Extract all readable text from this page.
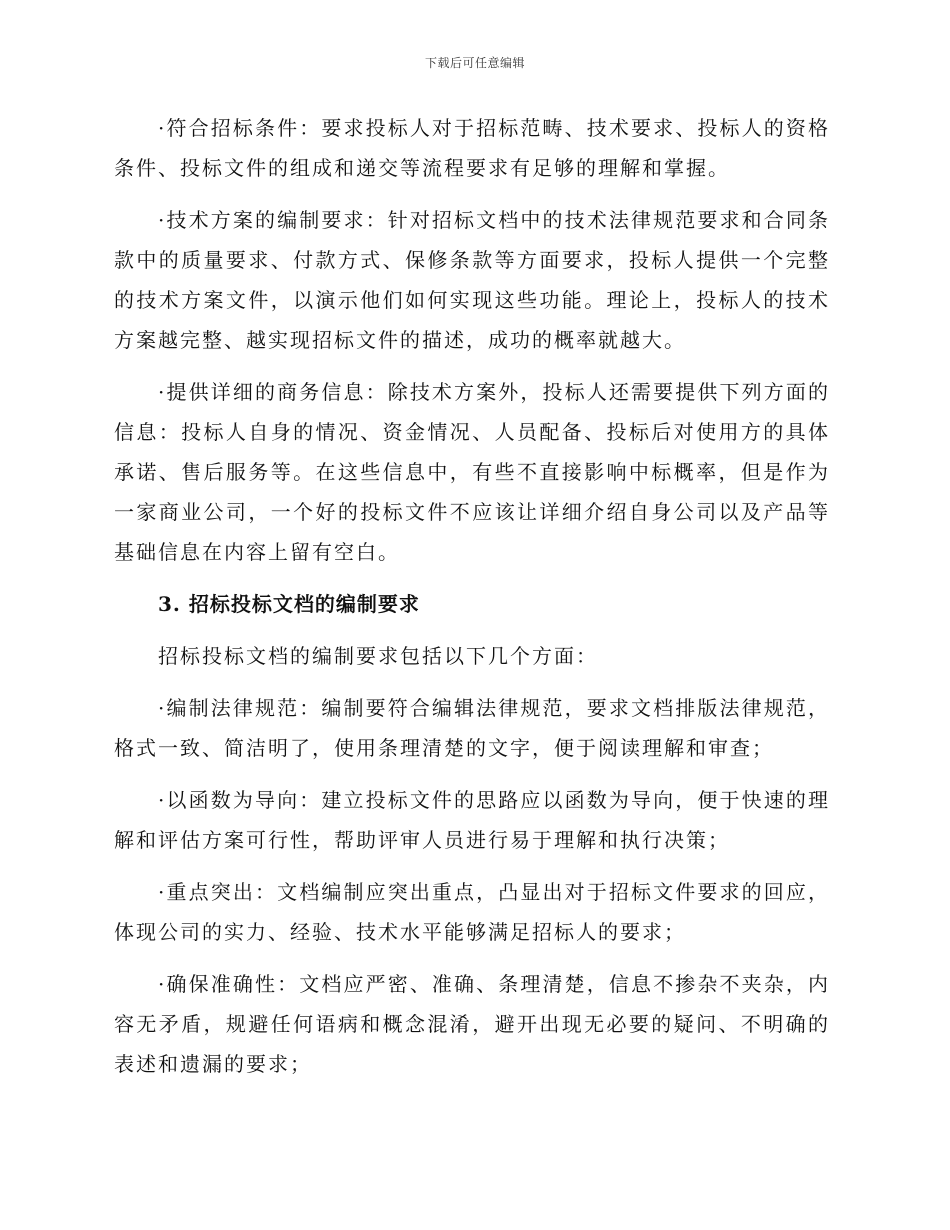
下载后可任意编辑

·符合招标条件：要求投标人对于招标范畴、技术要求、投标人的资格条件、投标文件的组成和递交等流程要求有足够的理解和掌握。

·技术方案的编制要求：针对招标文档中的技术法律规范要求和合同条款中的质量要求、付款方式、保修条款等方面要求，投标人提供一个完整的技术方案文件，以演示他们如何实现这些功能。理论上，投标人的技术方案越完整、越实现招标文件的描述，成功的概率就越大。

·提供详细的商务信息：除技术方案外，投标人还需要提供下列方面的信息：投标人自身的情况、资金情况、人员配备、投标后对使用方的具体承诺、售后服务等。在这些信息中，有些不直接影响中标概率，但是作为一家商业公司，一个好的投标文件不应该让详细介绍自身公司以及产品等基础信息在内容上留有空白。

3. 招标投标文档的编制要求

招标投标文档的编制要求包括以下几个方面：

·编制法律规范：编制要符合编辑法律规范，要求文档排版法律规范，格式一致、简洁明了，使用条理清楚的文字，便于阅读理解和审查；

·以函数为导向：建立投标文件的思路应以函数为导向，便于快速的理解和评估方案可行性，帮助评审人员进行易于理解和执行决策；

·重点突出：文档编制应突出重点，凸显出对于招标文件要求的回应，体现公司的实力、经验、技术水平能够满足招标人的要求；

·确保准确性：文档应严密、准确、条理清楚，信息不掺杂不夹杂，内容无矛盾，规避任何语病和概念混淆，避开出现无必要的疑问、不明确的表述和遗漏的要求；
